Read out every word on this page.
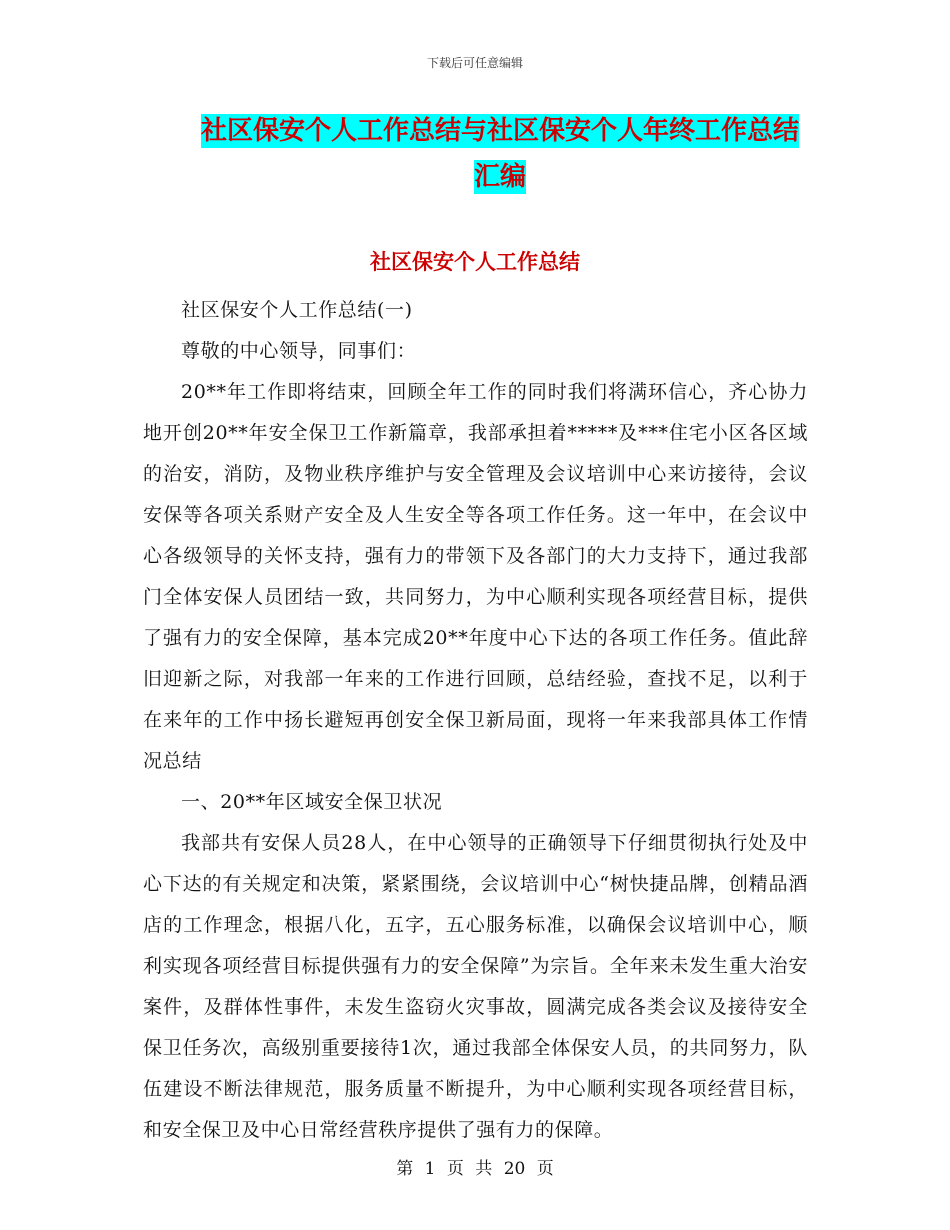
下载后可任意编辑
社区保安个人工作总结与社区保安个人年终工作总结
汇编
社区保安个人工作总结

社区保安个人工作总结(一)

尊敬的中心领导，同事们：

20**年工作即将结束，回顾全年工作的同时我们将满环信心，齐心协力地开创20**年安全保卫工作新篇章，我部承担着*****及***住宅小区各区域的治安，消防，及物业秩序维护与安全管理及会议培训中心来访接待，会议安保等各项关系财产安全及人生安全等各项工作任务。这一年中，在会议中心各级领导的关怀支持，强有力的带领下及各部门的大力支持下，通过我部门全体安保人员团结一致，共同努力，为中心顺利实现各项经营目标，提供了强有力的安全保障，基本完成20**年度中心下达的各项工作任务。值此辞旧迎新之际，对我部一年来的工作进行回顾，总结经验，查找不足，以利于在来年的工作中扬长避短再创安全保卫新局面，现将一年来我部具体工作情况总结

一、20**年区域安全保卫状况

我部共有安保人员28人，在中心领导的正确领导下仔细贯彻执行处及中心下达的有关规定和决策，紧紧围绕，会议培训中心“树快捷品牌，创精品酒店的工作理念，根据八化，五字，五心服务标准，以确保会议培训中心，顺利实现各项经营目标提供强有力的安全保障”为宗旨。全年来未发生重大治安案件，及群体性事件，未发生盗窃火灾事故，圆满完成各类会议及接待安全保卫任务次，高级别重要接待1次，通过我部全体保安人员，的共同努力，队伍建设不断法律规范，服务质量不断提升，为中心顺利实现各项经营目标，和安全保卫及中心日常经营秩序提供了强有力的保障。

第 1 页 共 20 页
